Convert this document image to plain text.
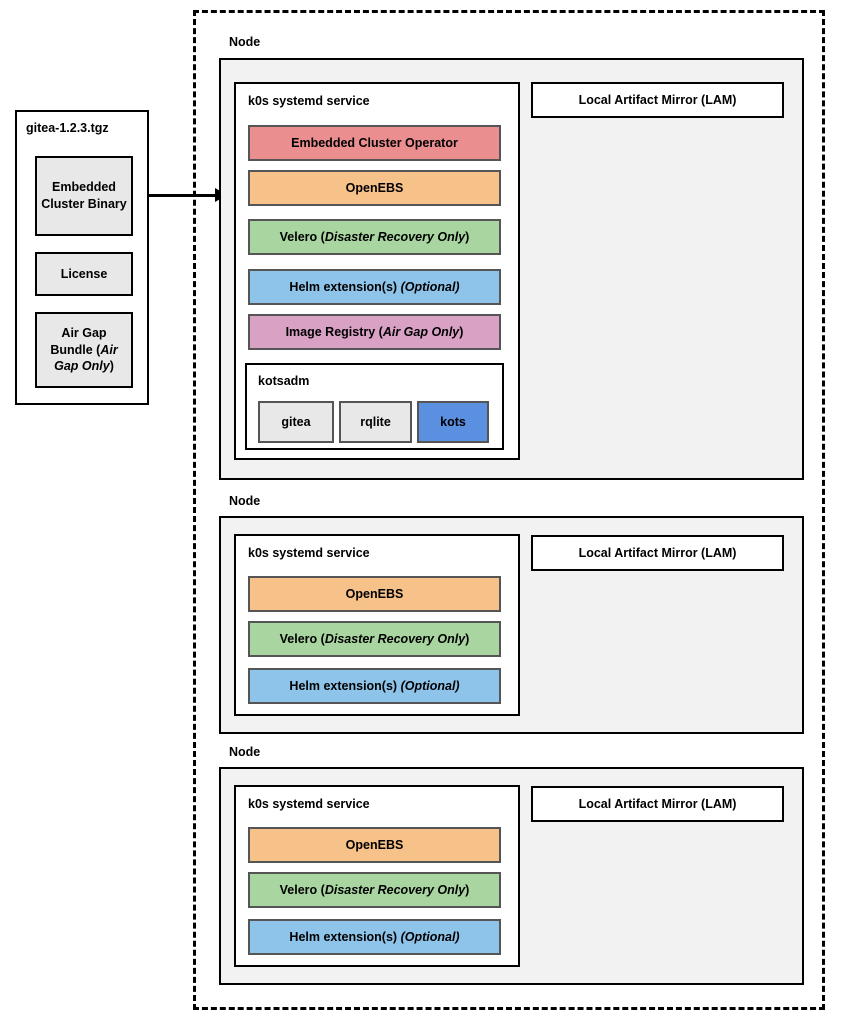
gitea-1.2.3.tgz
Embedded Cluster Binary
License
Air Gap Bundle (Air Gap Only)
Node
k0s systemd service	Local Artifact Mirror (LAM)
Embedded Cluster Operator
OpenEBS
Velero (Disaster Recovery Only)
Helm extension(s) (Optional)
Image Registry (Air Gap Only)
kotsadm
gitea	rqlite	kots
Node
k0s systemd service	Local Artifact Mirror (LAM)
OpenEBS
Velero (Disaster Recovery Only)
Helm extension(s) (Optional)
Node
k0s systemd service	Local Artifact Mirror (LAM)
OpenEBS
Velero (Disaster Recovery Only)
Helm extension(s) (Optional)
